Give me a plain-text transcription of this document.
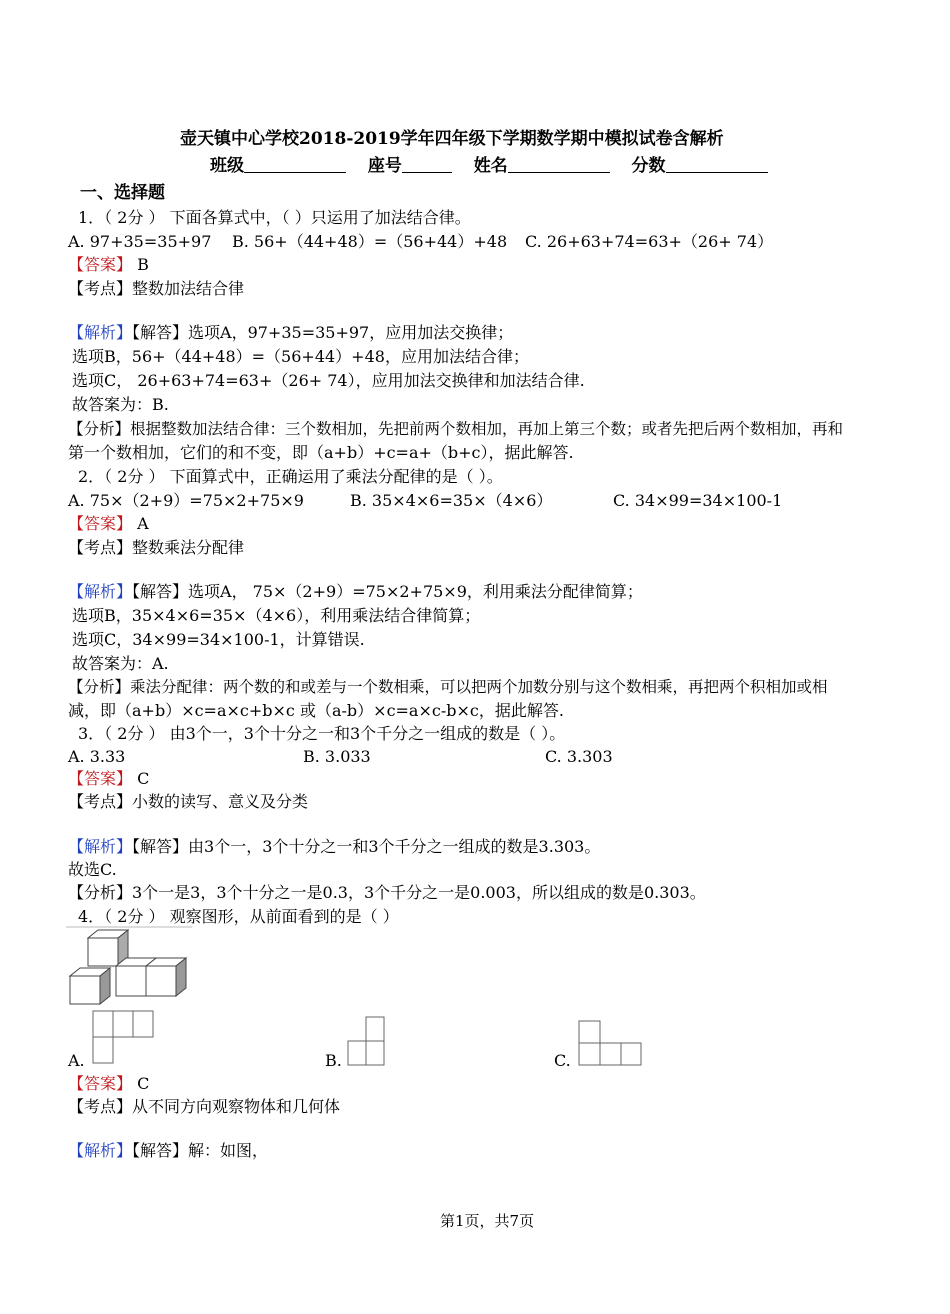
壶天镇中心学校2018-2019学年四年级下学期数学期中模拟试卷含解析
班级	座号	姓名	分数
一、选择题
1．（ 2分 ） 下面各算式中，（ ）只运用了加法结合律。
A. 97+35=35+97 B. 56+（44+48）=（56+44）+48 C. 26+63+74=63+（26+ 74）
【答案】 B
【考点】整数加法结合律
【解析】【解答】选项A，97+35=35+97，应用加法交换律；
选项B，56+（44+48）=（56+44）+48，应用加法结合律；
选项C， 26+63+74=63+（26+ 74），应用加法交换律和加法结合律.
故答案为：B.
【分析】根据整数加法结合律：三个数相加，先把前两个数相加，再加上第三个数；或者先把后两个数相加，再和
第一个数相加，它们的和不变，即（a+b）+c=a+（b+c），据此解答.
2．（ 2分 ） 下面算式中，正确运用了乘法分配律的是（ ）。
A. 75×（2+9）=75×2+75×9	B. 35×4×6=35×（4×6）	C. 34×99=34×100-1
【答案】 A
【考点】整数乘法分配律
【解析】【解答】选项A， 75×（2+9）=75×2+75×9，利用乘法分配律简算；
选项B，35×4×6=35×（4×6），利用乘法结合律简算；
选项C，34×99=34×100-1，计算错误.
故答案为：A.
【分析】乘法分配律：两个数的和或差与一个数相乘，可以把两个加数分别与这个数相乘，再把两个积相加或相
减，即（a+b）×c=a×c+b×c 或（a-b）×c=a×c-b×c，据此解答.
3．（ 2分 ） 由3个一，3个十分之一和3个千分之一组成的数是（ ）。
A. 3.33	B. 3.033	C. 3.303
【答案】 C
【考点】小数的读写、意义及分类
【解析】【解答】由3个一，3个十分之一和3个千分之一组成的数是3.303。
故选C.
【分析】3个一是3，3个十分之一是0.3，3个千分之一是0.003，所以组成的数是0.303。
4．（ 2分 ） 观察图形，从前面看到的是（ ）
A.	B.	C.
【答案】 C
【考点】从不同方向观察物体和几何体
【解析】【解答】解：如图，
第1页，共7页
